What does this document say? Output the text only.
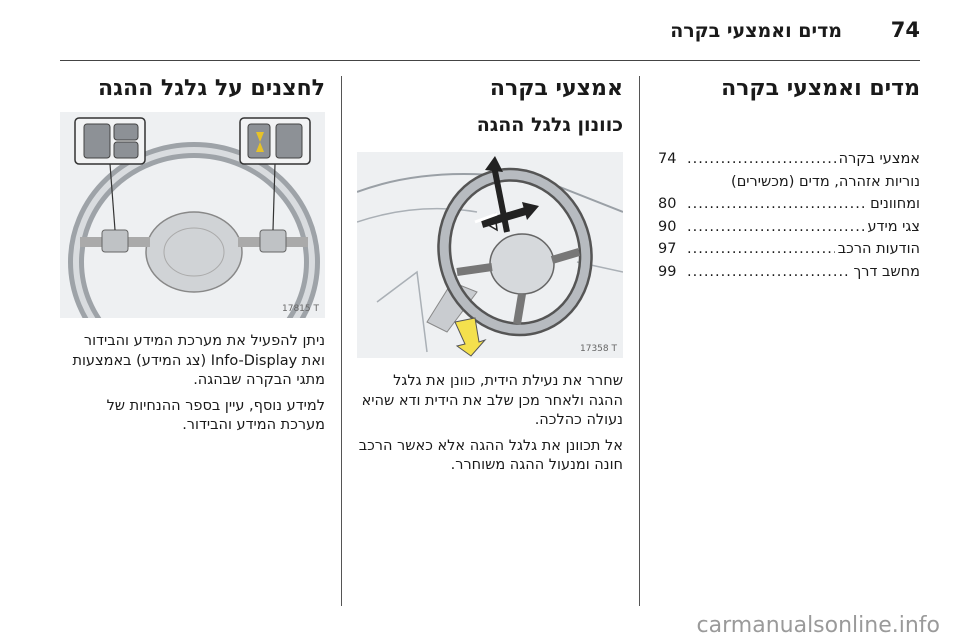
74
מדים ואמצעי בקרה
מדים ואמצעי בקרה
אמצעי בקרה
.....
74
נוריות אזהרה, מדים (מכשירים)
ומחוונים
.....
80
צגי מידע
.....
90
הודעות הרכב
.....
97
מחשב דרך
.....
99
אמצעי בקרה
כוונון גלגל ההגה
17358 T

שחרר את נעילת הידית, כוונן את גלגל ההגה ולאחר מכן שלב את הידית ודא שהיא נעולה כהלכה.

אל תכוונן את גלגל ההגה אלא כאשר הרכב חונה ומנעול ההגה משוחרר.

לחצנים על גלגל ההגה
17815 T

ניתן להפעיל את מערכת המידע והבידור ואת Info-Display (צג המידע) באמצעות מתגי הבקרה שבהגה.

למידע נוסף, עיין בספר ההנחיות של מערכת המידע והבידור.

carmanualsonline.info
